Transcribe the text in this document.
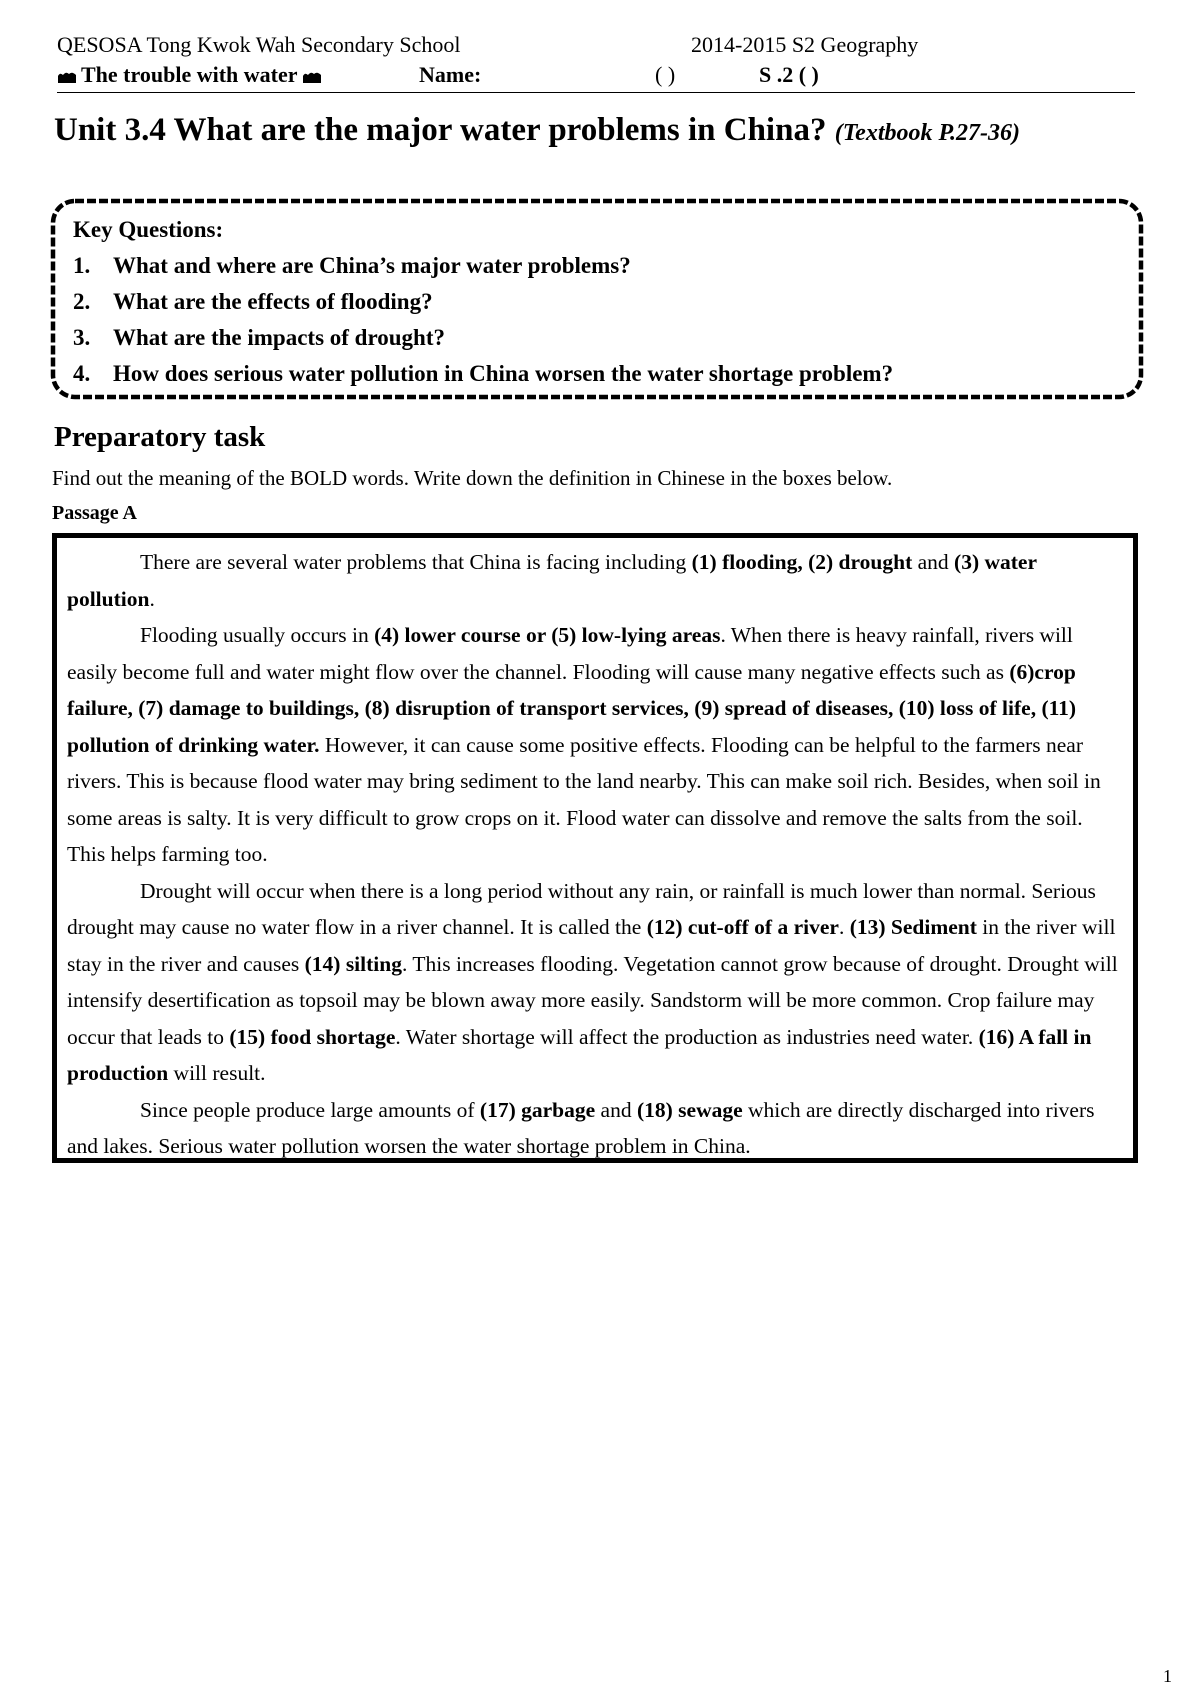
QESOSA Tong Kwok Wah Secondary School	2014-2015 S2 Geography
The trouble with water	Name:	( )	S .2 ( )
Unit 3.4 What are the major water problems in China? (Textbook P.27-36)
Key Questions:
1. What and where are China’s major water problems?
2. What are the effects of flooding?
3. What are the impacts of drought?
4. How does serious water pollution in China worsen the water shortage problem?
Preparatory task
Find out the meaning of the BOLD words. Write down the definition in Chinese in the boxes below.
Passage A

There are several water problems that China is facing including (1) flooding, (2) drought and (3) water pollution.

Flooding usually occurs in (4) lower course or (5) low-lying areas. When there is heavy rainfall, rivers will easily become full and water might flow over the channel. Flooding will cause many negative effects such as (6)crop failure, (7) damage to buildings, (8) disruption of transport services, (9) spread of diseases, (10) loss of life, (11) pollution of drinking water. However, it can cause some positive effects. Flooding can be helpful to the farmers near rivers. This is because flood water may bring sediment to the land nearby. This can make soil rich. Besides, when soil in some areas is salty. It is very difficult to grow crops on it. Flood water can dissolve and remove the salts from the soil. This helps farming too.

Drought will occur when there is a long period without any rain, or rainfall is much lower than normal. Serious drought may cause no water flow in a river channel. It is called the (12) cut-off of a river. (13) Sediment in the river will stay in the river and causes (14) silting. This increases flooding. Vegetation cannot grow because of drought. Drought will intensify desertification as topsoil may be blown away more easily. Sandstorm will be more common. Crop failure may occur that leads to (15) food shortage. Water shortage will affect the production as industries need water. (16) A fall in production will result.

Since people produce large amounts of (17) garbage and (18) sewage which are directly discharged into rivers and lakes. Serious water pollution worsen the water shortage problem in China.

1
